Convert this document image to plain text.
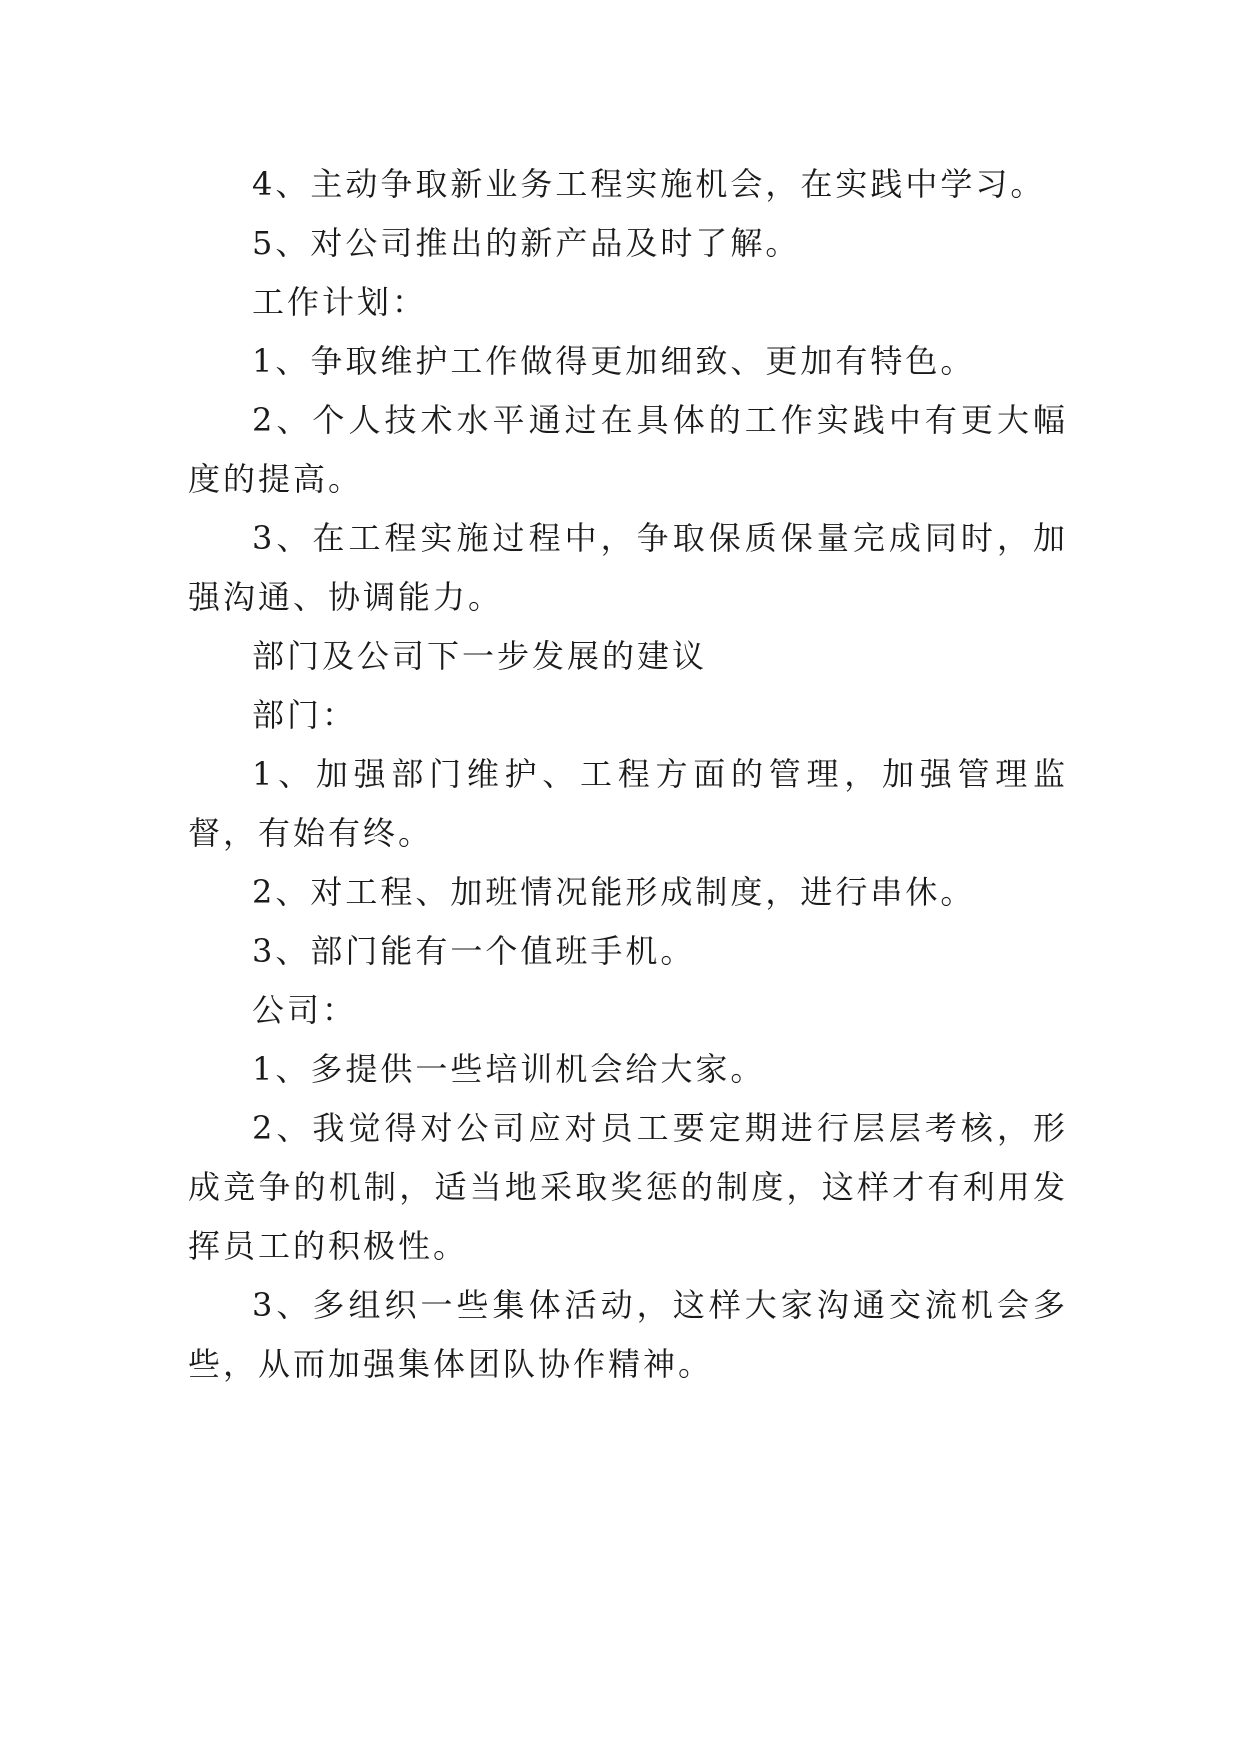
4、主动争取新业务工程实施机会，在实践中学习。

5、对公司推出的新产品及时了解。

工作计划：

1、争取维护工作做得更加细致、更加有特色。

2、个人技术水平通过在具体的工作实践中有更大幅度的提高。

3、在工程实施过程中，争取保质保量完成同时，加强沟通、协调能力。

部门及公司下一步发展的建议

部门：

1、加强部门维护、工程方面的管理，加强管理监督，有始有终。

2、对工程、加班情况能形成制度，进行串休。

3、部门能有一个值班手机。

公司：

1、多提供一些培训机会给大家。

2、我觉得对公司应对员工要定期进行层层考核，形成竞争的机制，适当地采取奖惩的制度，这样才有利用发挥员工的积极性。

3、多组织一些集体活动，这样大家沟通交流机会多些，从而加强集体团队协作精神。
